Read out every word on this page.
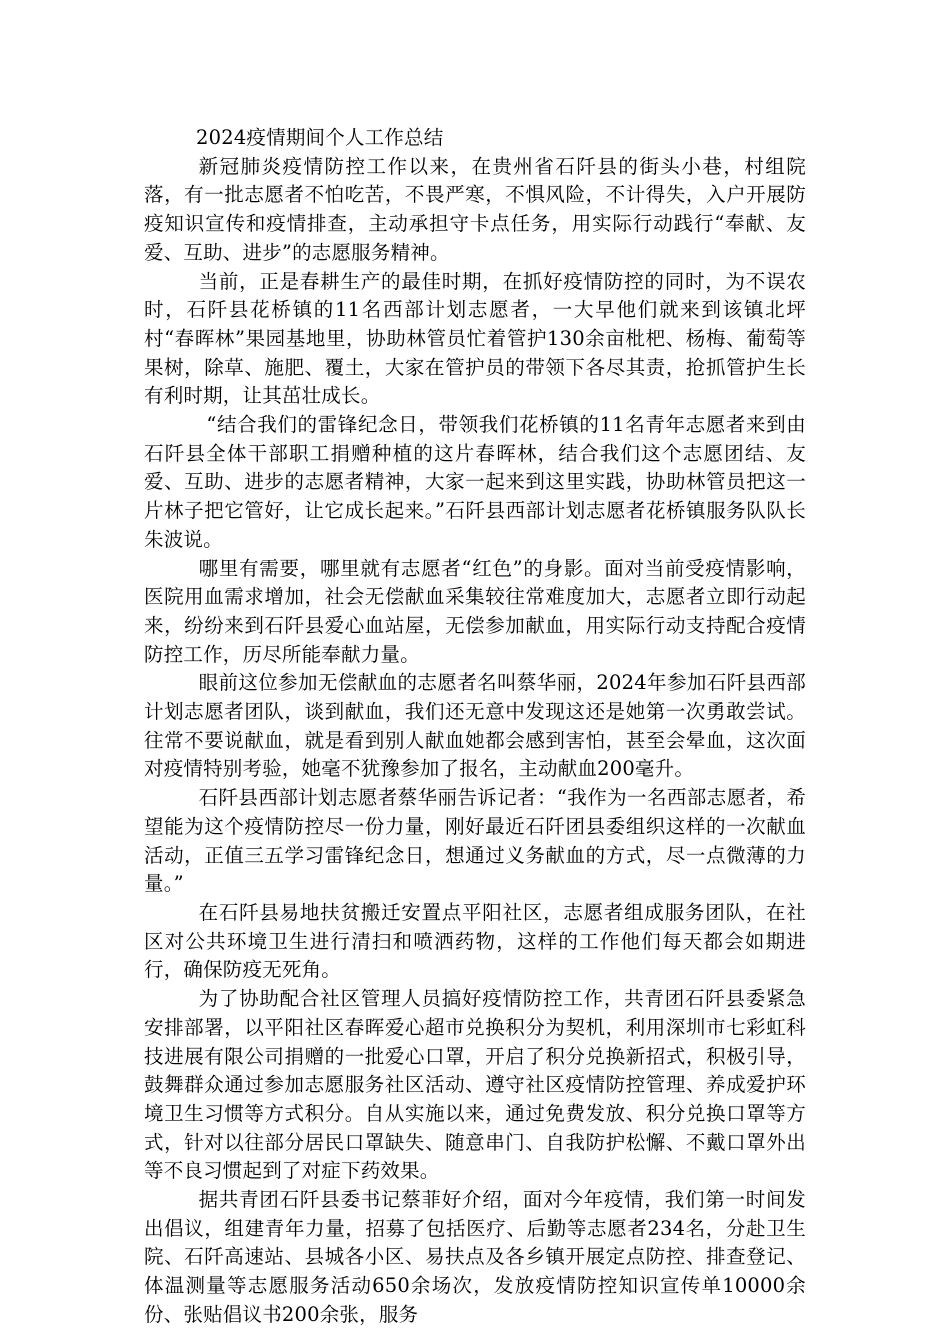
2024疫情期间个人工作总结

新冠肺炎疫情防控工作以来，在贵州省石阡县的街头小巷，村组院落，有一批志愿者不怕吃苦，不畏严寒，不惧风险，不计得失，入户开展防疫知识宣传和疫情排查，主动承担守卡点任务，用实际行动践行“奉献、友爱、互助、进步”的志愿服务精神。

当前，正是春耕生产的最佳时期，在抓好疫情防控的同时，为不误农时，石阡县花桥镇的11名西部计划志愿者，一大早他们就来到该镇北坪村“春晖林”果园基地里，协助林管员忙着管护130余亩枇杷、杨梅、葡萄等果树，除草、施肥、覆土，大家在管护员的带领下各尽其责，抢抓管护生长有利时期，让其茁壮成长。

“结合我们的雷锋纪念日，带领我们花桥镇的11名青年志愿者来到由石阡县全体干部职工捐赠种植的这片春晖林，结合我们这个志愿团结、友爱、互助、进步的志愿者精神，大家一起来到这里实践，协助林管员把这一片林子把它管好，让它成长起来。”石阡县西部计划志愿者花桥镇服务队队长朱波说。

哪里有需要，哪里就有志愿者“红色”的身影。面对当前受疫情影响，医院用血需求增加，社会无偿献血采集较往常难度加大，志愿者立即行动起来，纷纷来到石阡县爱心血站屋，无偿参加献血，用实际行动支持配合疫情防控工作，历尽所能奉献力量。

眼前这位参加无偿献血的志愿者名叫蔡华丽，2024年参加石阡县西部计划志愿者团队，谈到献血，我们还无意中发现这还是她第一次勇敢尝试。往常不要说献血，就是看到别人献血她都会感到害怕，甚至会晕血，这次面对疫情特别考验，她毫不犹豫参加了报名，主动献血200毫升。

石阡县西部计划志愿者蔡华丽告诉记者：“我作为一名西部志愿者，希望能为这个疫情防控尽一份力量，刚好最近石阡团县委组织这样的一次献血活动，正值三五学习雷锋纪念日，想通过义务献血的方式，尽一点微薄的力量。”

在石阡县易地扶贫搬迁安置点平阳社区，志愿者组成服务团队，在社区对公共环境卫生进行清扫和喷洒药物，这样的工作他们每天都会如期进行，确保防疫无死角。

为了协助配合社区管理人员搞好疫情防控工作，共青团石阡县委紧急安排部署，以平阳社区春晖爱心超市兑换积分为契机，利用深圳市七彩虹科技进展有限公司捐赠的一批爱心口罩，开启了积分兑换新招式，积极引导，鼓舞群众通过参加志愿服务社区活动、遵守社区疫情防控管理、养成爱护环境卫生习惯等方式积分。自从实施以来，通过免费发放、积分兑换口罩等方式，针对以往部分居民口罩缺失、随意串门、自我防护松懈、不戴口罩外出等不良习惯起到了对症下药效果。

据共青团石阡县委书记蔡菲好介绍，面对今年疫情，我们第一时间发出倡议，组建青年力量，招募了包括医疗、后勤等志愿者234名，分赴卫生院、石阡高速站、县城各小区、易扶点及各乡镇开展定点防控、排查登记、体温测量等志愿服务活动650余场次，发放疫情防控知识宣传单10000余份、张贴倡议书200余张，服务
